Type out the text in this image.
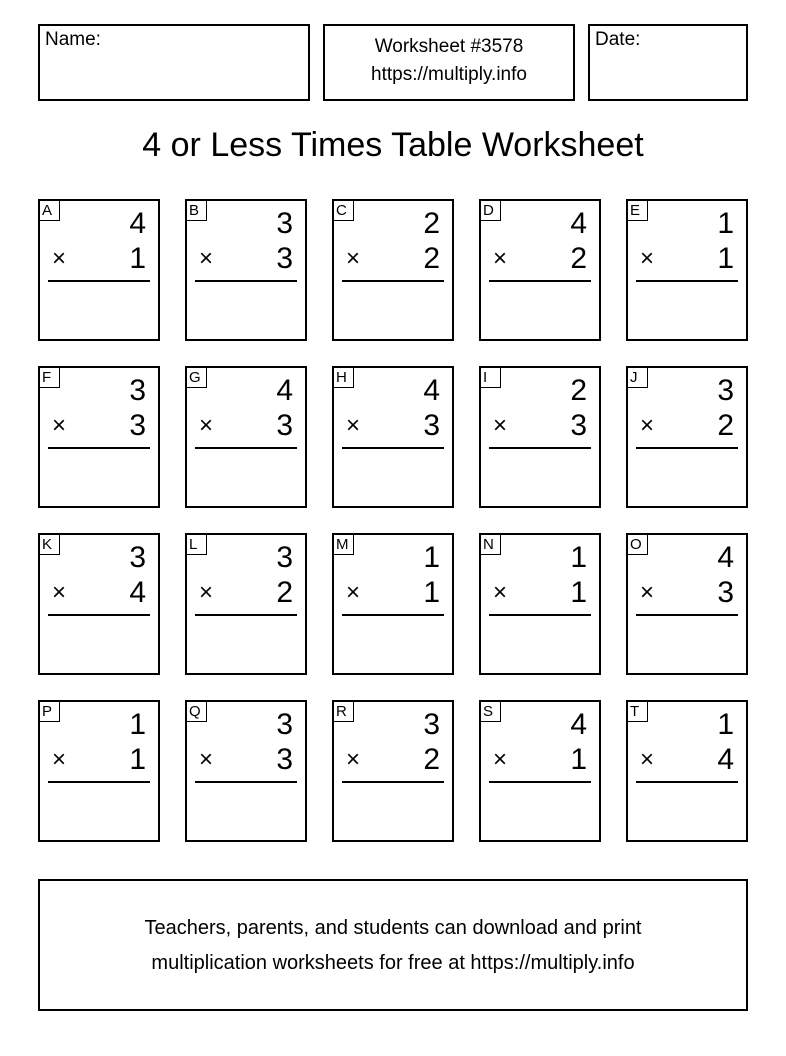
Name:	Worksheet #3578
https://multiply.info
Date:
4 or Less Times Table Worksheet
A	4
× 1
B	3
× 3
C	2
× 2
D	4
× 2
E	1
× 1
F	3
× 3
G	4
× 3
H	4
× 3
I	2
× 3
J	3
× 2
K	3
× 4
L	3
× 2
M 1
× 1
N	1
× 1
O	4
× 3
P	1
× 1
Q	3
× 3
R	3
× 2
S	4
× 1
T	1
× 4
Teachers, parents, and students can download and print
multiplication worksheets for free at https://multiply.info
